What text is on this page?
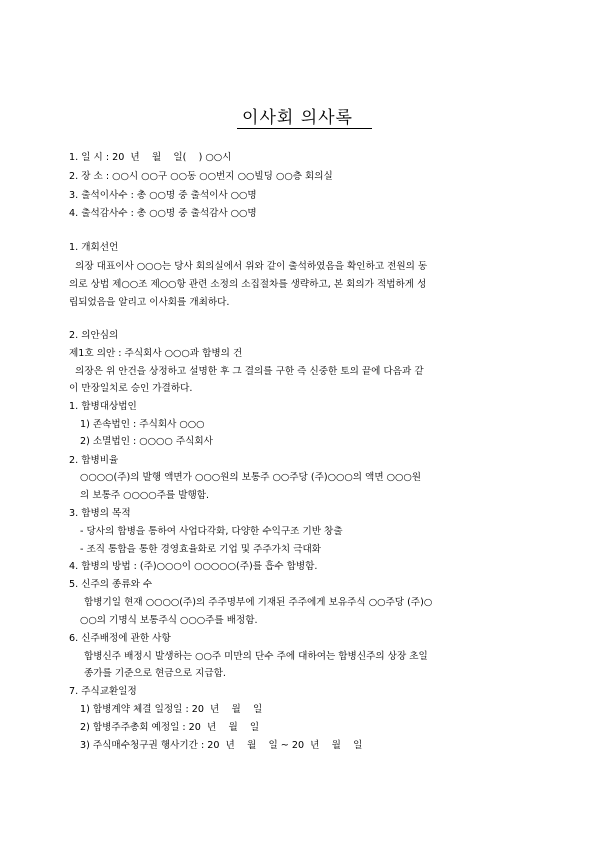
이사회 의사록
1. 일 시 : 20  년    월    일(    ) ○○시
2. 장 소 : ○○시 ○○구 ○○동 ○○번지 ○○빌딩 ○○층 회의실
3. 출석이사수 : 총 ○○명 중 출석이사 ○○명
4. 출석감사수 : 총 ○○명 중 출석감사 ○○명
1. 개회선언
의장 대표이사 ○○○는 당사 회의실에서 위와 같이 출석하였음을 확인하고 전원의 동
의로 상법 제○○조 제○○항 관련 소정의 소집절차를 생략하고, 본 회의가 적법하게 성
립되었음을 알리고 이사회를 개최하다.
2. 의안심의
제1호 의안 : 주식회사 ○○○과 합병의 건
의장은 위 안건을 상정하고 설명한 후 그 결의를 구한 즉 신중한 토의 끝에 다음과 같
이 만장일치로 승인 가결하다.
1. 합병대상법인
1) 존속법인 : 주식회사 ○○○
2) 소멸법인 : ○○○○ 주식회사
2. 합병비율
○○○○(주)의 발행 액면가 ○○○원의 보통주 ○○주당 (주)○○○의 액면 ○○○원
의 보통주 ○○○○주를 발행함.
3. 합병의 목적
- 당사의 합병을 통하여 사업다각화, 다양한 수익구조 기반 창출
- 조직 통합을 통한 경영효율화로 기업 및 주주가치 극대화
4. 합병의 방법 : (주)○○○이 ○○○○○(주)를 흡수 합병함.
5. 신주의 종류와 수
합병기일 현재 ○○○○(주)의 주주명부에 기재된 주주에게 보유주식 ○○주당 (주)○
○○의 기명식 보통주식 ○○○주를 배정함.
6. 신주배정에 관한 사항
합병신주 배정시 발생하는 ○○주 미만의 단수 주에 대하여는 합병신주의 상장 초일
종가를 기준으로 현금으로 지급함.
7. 주식교환일정
1) 합병계약 체결 일정일 : 20  년    월    일
2) 합병주주총회 예정일 : 20  년    월    일
3) 주식매수청구권 행사기간 : 20  년    월    일 ~ 20  년    월    일
